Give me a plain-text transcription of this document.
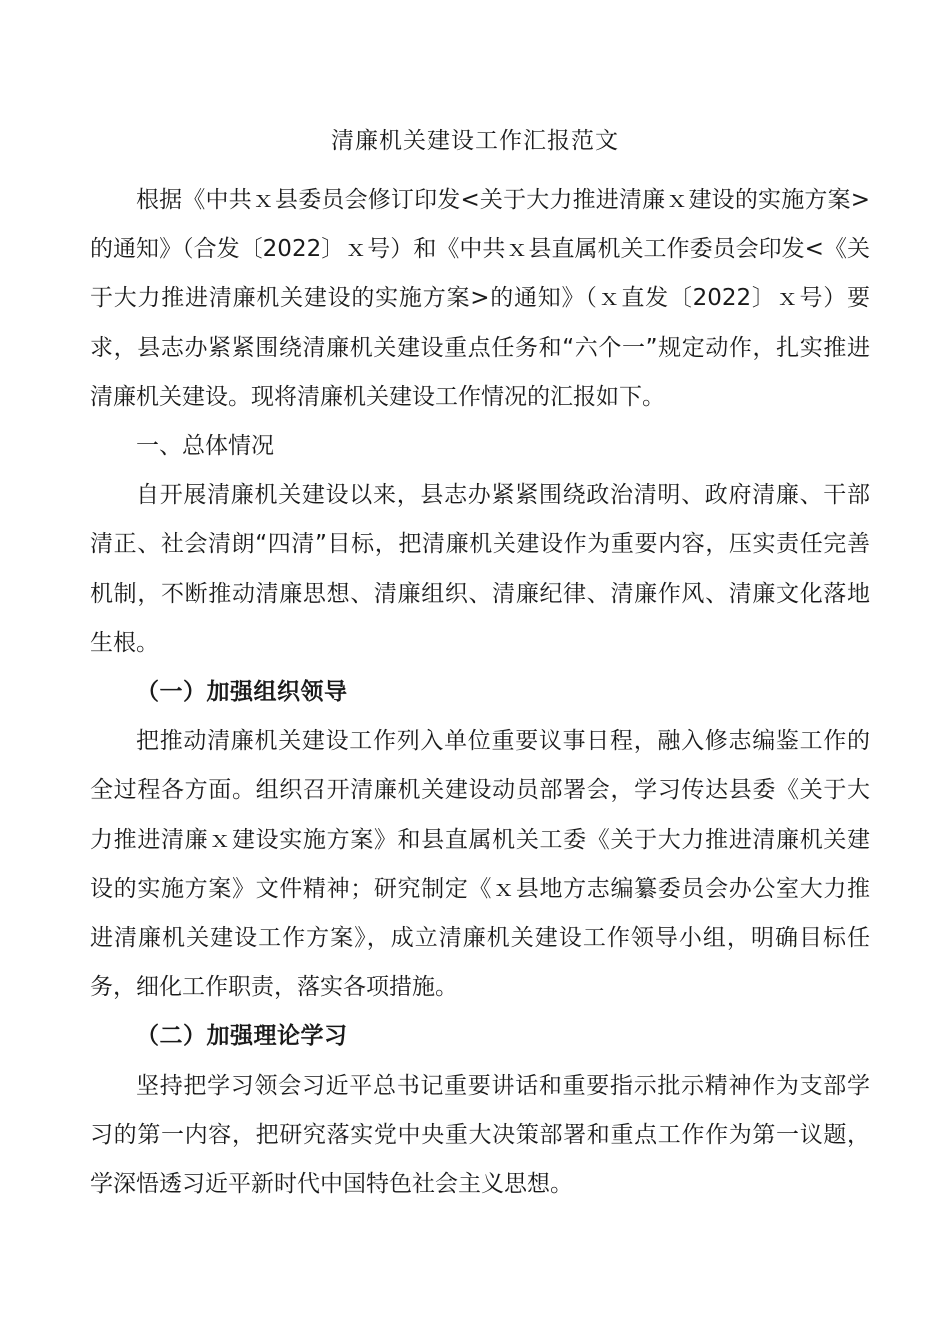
清廉机关建设工作汇报范文

根据《中共ｘ县委员会修订印发<关于大力推进清廉ｘ建设的实施方案>的通知》（合发〔2022〕ｘ号）和《中共ｘ县直属机关工作委员会印发<《关于大力推进清廉机关建设的实施方案>的通知》（ｘ直发〔2022〕ｘ号）要求，县志办紧紧围绕清廉机关建设重点任务和“六个一”规定动作，扎实推进清廉机关建设。现将清廉机关建设工作情况的汇报如下。

一、总体情况

自开展清廉机关建设以来，县志办紧紧围绕政治清明、政府清廉、干部清正、社会清朗“四清”目标，把清廉机关建设作为重要内容，压实责任完善机制，不断推动清廉思想、清廉组织、清廉纪律、清廉作风、清廉文化落地生根。

（一）加强组织领导

把推动清廉机关建设工作列入单位重要议事日程，融入修志编鉴工作的全过程各方面。组织召开清廉机关建设动员部署会，学习传达县委《关于大力推进清廉ｘ建设实施方案》和县直属机关工委《关于大力推进清廉机关建设的实施方案》文件精神；研究制定《ｘ县地方志编纂委员会办公室大力推进清廉机关建设工作方案》，成立清廉机关建设工作领导小组，明确目标任务，细化工作职责，落实各项措施。

（二）加强理论学习

坚持把学习领会习近平总书记重要讲话和重要指示批示精神作为支部学习的第一内容，把研究落实党中央重大决策部署和重点工作作为第一议题，学深悟透习近平新时代中国特色社会主义思想。
